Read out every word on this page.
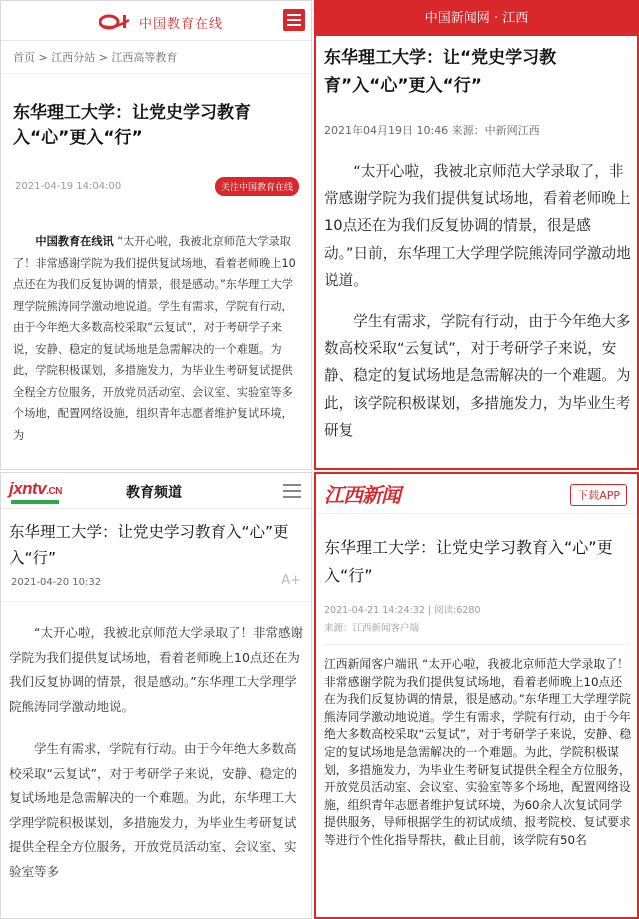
中国教育在线
首页 > 江西分站 > 江西高等教育
东华理工大学：让党史学习教育入“心”更入“行”
2021-04-19 14:04:00	关注中国教育在线
中国教育在线讯 “太开心啦，我被北京师范大学录取了！非常感谢学院为我们提供复试场地，看着老师晚上10点还在为我们反复协调的情景，很是感动。”东华理工大学理学院熊涛同学激动地说道。学生有需求，学院有行动，由于今年绝大多数高校采取“云复试”，对于考研学子来说，安静、稳定的复试场地是急需解决的一个难题。为此，学院积极谋划，多措施发力，为毕业生考研复试提供全程全方位服务，开放党员活动室、会议室、实验室等多个场地，配置网络设施，组织青年志愿者维护复试环境，为
中国新闻网 · 江西
东华理工大学：让“党史学习教育”入“心”更入“行”
2021年04月19日 10:46 来源：中新网江西

“太开心啦，我被北京师范大学录取了，非常感谢学院为我们提供复试场地，看着老师晚上10点还在为我们反复协调的情景，很是感动。”日前，东华理工大学理学院熊涛同学激动地说道。

学生有需求，学院有行动，由于今年绝大多数高校采取“云复试”，对于考研学子来说，安静、稳定的复试场地是急需解决的一个难题。为此，该学院积极谋划，多措施发力，为毕业生考研复

jxntv.CN	教育频道
东华理工大学：让党史学习教育入“心”更入“行”
2021-04-20 10:32	A+

“太开心啦，我被北京师范大学录取了！非常感谢学院为我们提供复试场地，看着老师晚上10点还在为我们反复协调的情景，很是感动。”东华理工大学理学院熊涛同学激动地说。

学生有需求，学院有行动。由于今年绝大多数高校采取“云复试”，对于考研学子来说，安静、稳定的复试场地是急需解决的一个难题。为此，东华理工大学理学院积极谋划，多措施发力，为毕业生考研复试提供全程全方位服务，开放党员活动室、会议室、实验室等多

江西新闻	下载APP
东华理工大学：让党史学习教育入“心”更入“行”
2021-04-21 14:24:32 | 阅读:6280
来源：江西新闻客户端
江西新闻客户端讯 “太开心啦，我被北京师范大学录取了！非常感谢学院为我们提供复试场地，看着老师晚上10点还在为我们反复协调的情景，很是感动。”东华理工大学理学院熊涛同学激动地说道。学生有需求，学院有行动，由于今年绝大多数高校采取“云复试”，对于考研学子来说，安静、稳定的复试场地是急需解决的一个难题。为此，学院积极谋划，多措施发力，为毕业生考研复试提供全程全方位服务，开放党员活动室、会议室、实验室等多个场地，配置网络设施，组织青年志愿者维护复试环境，为60余人次复试同学提供服务，导师根据学生的初试成绩、报考院校、复试要求等进行个性化指导帮扶，截止目前，该学院有50名
